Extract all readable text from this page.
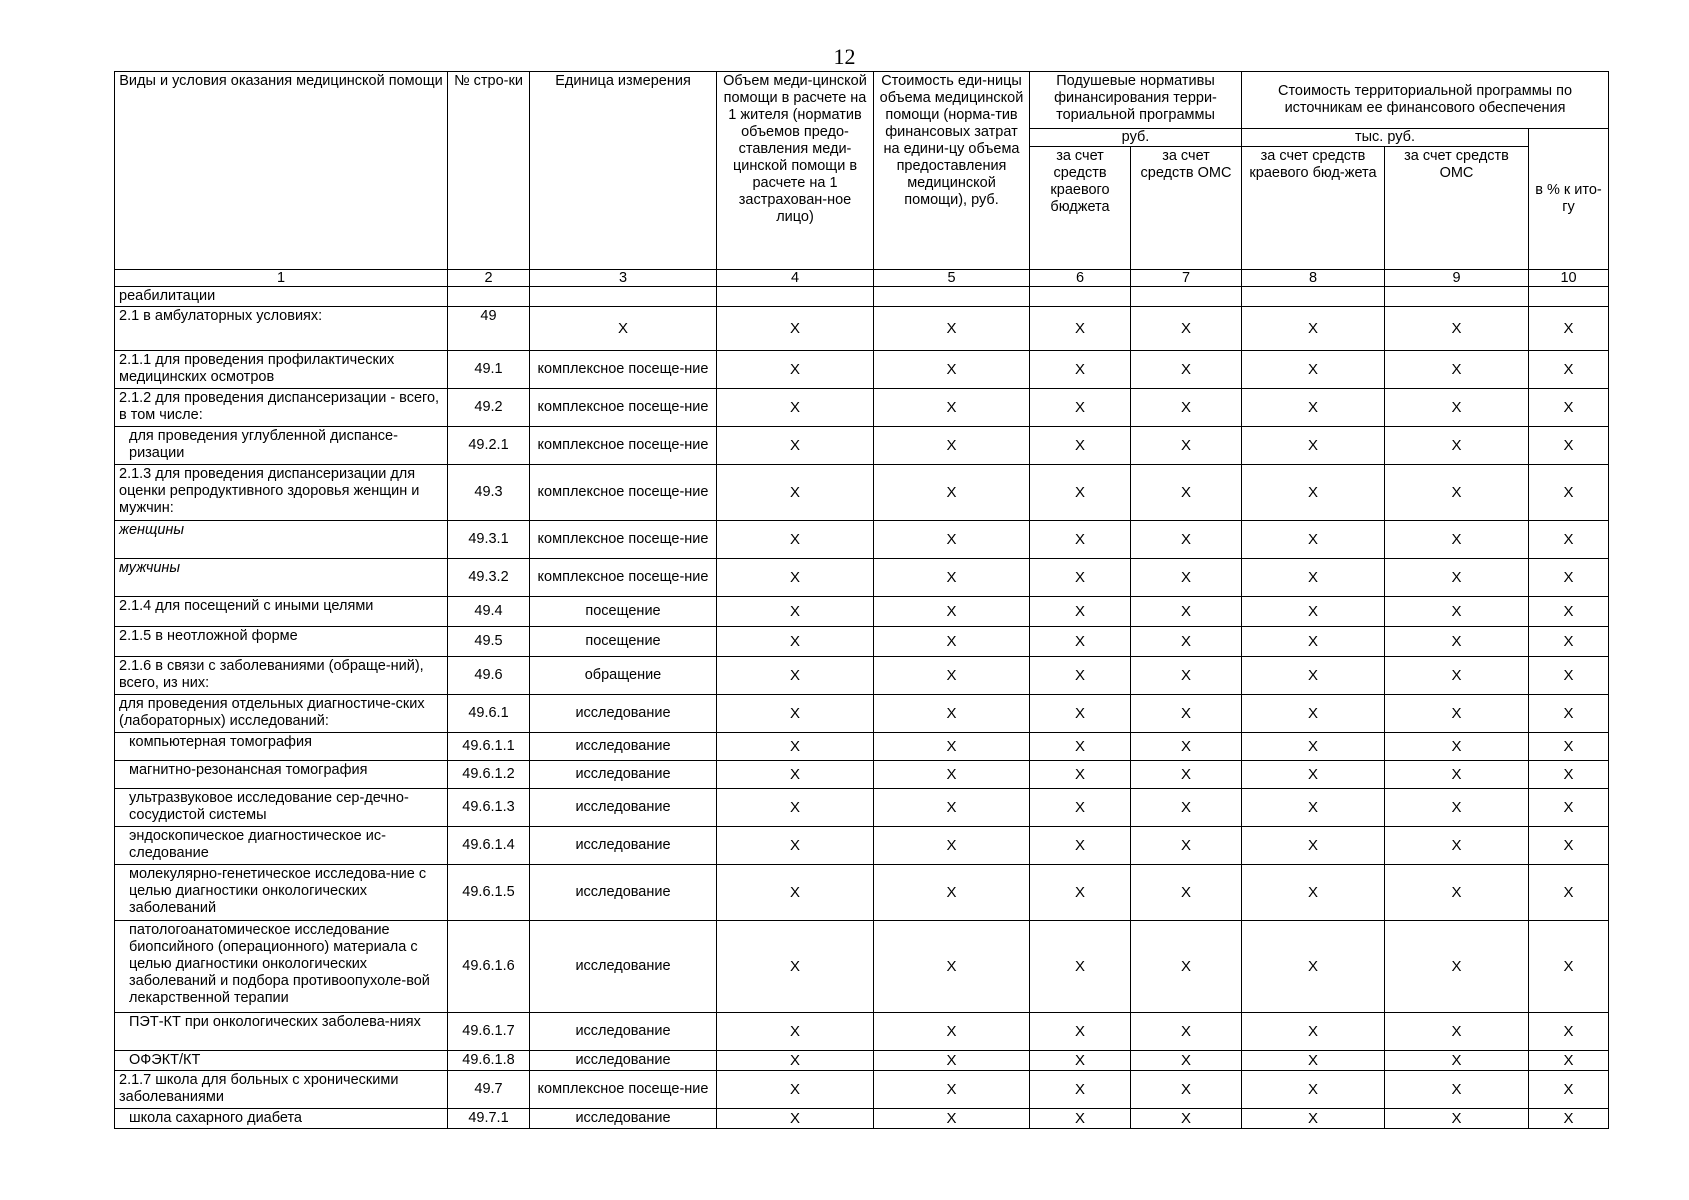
12
Виды и условия оказания медицинской помощи	№ стро-ки	Единица измерения	Объем меди-цинской помощи в расчете на 1 жителя (норматив объемов предо-ставления меди-цинской помощи в расчете на 1 застрахован-ное лицо)	Стоимость еди-ницы объема медицинской помощи (норма-тив финансовых затрат на едини-цу объема предоставления медицинской помощи), руб.	Подушевые нормативы финансирования терри-ториальной программы		Стоимость территориальной программы по источникам ее финансового обеспечения		
					руб.		тыс. руб.		в % к ито-гу
					за счет средств краевого бюджета	за счет средств ОМС	за счет средств краевого бюд-жета	за счет средств ОМС	
1	2	3	4	5	6	7	8	9	10
реабилитации									
2.1 в амбулаторных условиях:	49	Х	Х	Х	Х	Х	Х	Х	Х
2.1.1 для проведения профилактических медицинских осмотров	49.1	комплексное посеще-ние	Х	Х	Х	Х	Х	Х	Х
2.1.2 для проведения диспансеризации - всего, в том числе:	49.2	комплексное посеще-ние	Х	Х	Х	Х	Х	Х	Х
для проведения углубленной диспансе-ризации	49.2.1	комплексное посеще-ние	Х	Х	Х	Х	Х	Х	Х
2.1.3 для проведения диспансеризации для оценки репродуктивного здоровья женщин и мужчин:	49.3	комплексное посеще-ние	Х	Х	Х	Х	Х	Х	Х
женщины	49.3.1	комплексное посеще-ние	Х	Х	Х	Х	Х	Х	Х
мужчины	49.3.2	комплексное посеще-ние	Х	Х	Х	Х	Х	Х	Х
2.1.4 для посещений с иными целями	49.4	посещение	Х	Х	Х	Х	Х	Х	Х
2.1.5 в неотложной форме	49.5	посещение	Х	Х	Х	Х	Х	Х	Х
2.1.6 в связи с заболеваниями (обраще-ний), всего, из них:	49.6	обращение	Х	Х	Х	Х	Х	Х	Х
для проведения отдельных диагностиче-ских (лабораторных) исследований:	49.6.1	исследование	Х	Х	Х	Х	Х	Х	Х
компьютерная томография	49.6.1.1	исследование	Х	Х	Х	Х	Х	Х	Х
магнитно-резонансная томография	49.6.1.2	исследование	Х	Х	Х	Х	Х	Х	Х
ультразвуковое исследование сер-дечно-сосудистой системы	49.6.1.3	исследование	Х	Х	Х	Х	Х	Х	Х
эндоскопическое диагностическое ис-следование	49.6.1.4	исследование	Х	Х	Х	Х	Х	Х	Х
молекулярно-генетическое исследова-ние с целью диагностики онкологических заболеваний	49.6.1.5	исследование	Х	Х	Х	Х	Х	Х	Х
патологоанатомическое исследование биопсийного (операционного) материала с целью диагностики онкологических заболеваний и подбора противоопухоле-вой лекарственной терапии	49.6.1.6	исследование	Х	Х	Х	Х	Х	Х	Х
ПЭТ-КТ при онкологических заболева-ниях	49.6.1.7	исследование	Х	Х	Х	Х	Х	Х	Х
ОФЭКТ/КТ	49.6.1.8	исследование	Х	Х	Х	Х	Х	Х	Х
2.1.7 школа для больных с хроническими заболеваниями	49.7	комплексное посеще-ние	Х	Х	Х	Х	Х	Х	Х
школа сахарного диабета	49.7.1	исследование	Х	Х	Х	Х	Х	Х	Х
